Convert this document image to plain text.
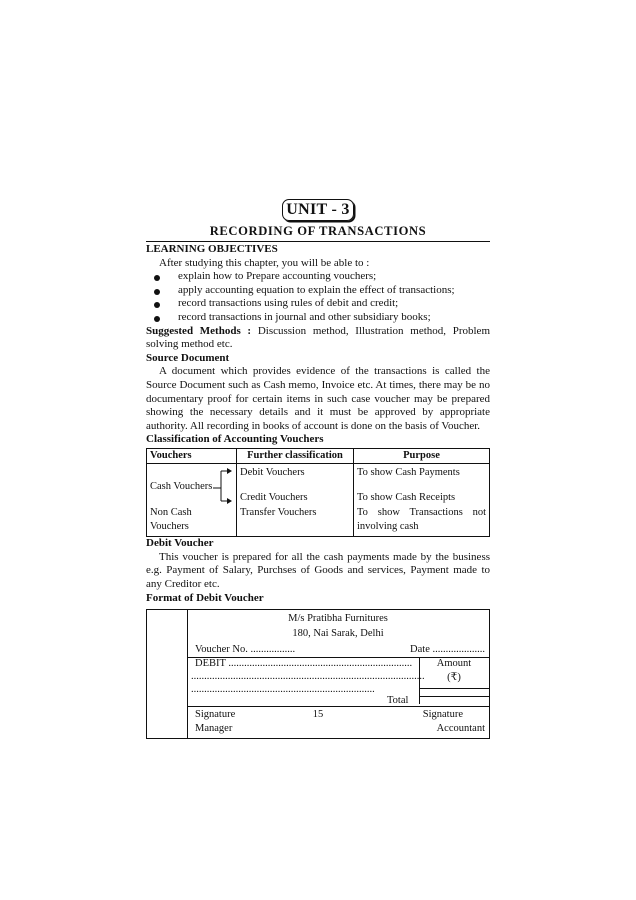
UNIT - 3
RECORDING OF TRANSACTIONS

LEARNING OBJECTIVES

After studying this chapter, you will be able to :

explain how to Prepare accounting vouchers;
apply accounting equation to explain the effect of transactions;
record transactions using rules of debit and credit;
record transactions in journal and other subsidiary books;

Suggested Methods : Discussion method, Illustration method, Problem solving method etc.

Source Document

A document which provides evidence of the transactions is called the Source Document such as Cash memo, Invoice etc. At times, there may be no documentary proof for certain items in such case voucher may be prepared showing the necessary details and it must be approved by appropriate authority. All recording in books of account is done on the basis of Voucher.

Classification of Accounting Vouchers

Vouchers	Further classification	Purpose

Cash Vouchers	Debit Vouchers	To show Cash Payments
	Credit Vouchers	To show Cash Receipts
Non Cash Vouchers	Transfer Vouchers	To show Transactions not involving cash

Debit Voucher

This voucher is prepared for all the cash payments made by the business e.g. Payment of Salary, Purchses of Goods and services, Payment made to any Creditor etc.

Format of Debit Voucher

M/s Pratibha Furnitures
180, Nai Sarak, Delhi
Voucher No. .................	Date ....................
DEBIT ......................................................................	Amount
(₹)
.........................................................................................
......................................................................
Total
Signature	Signature
Manager	Accountant
15
